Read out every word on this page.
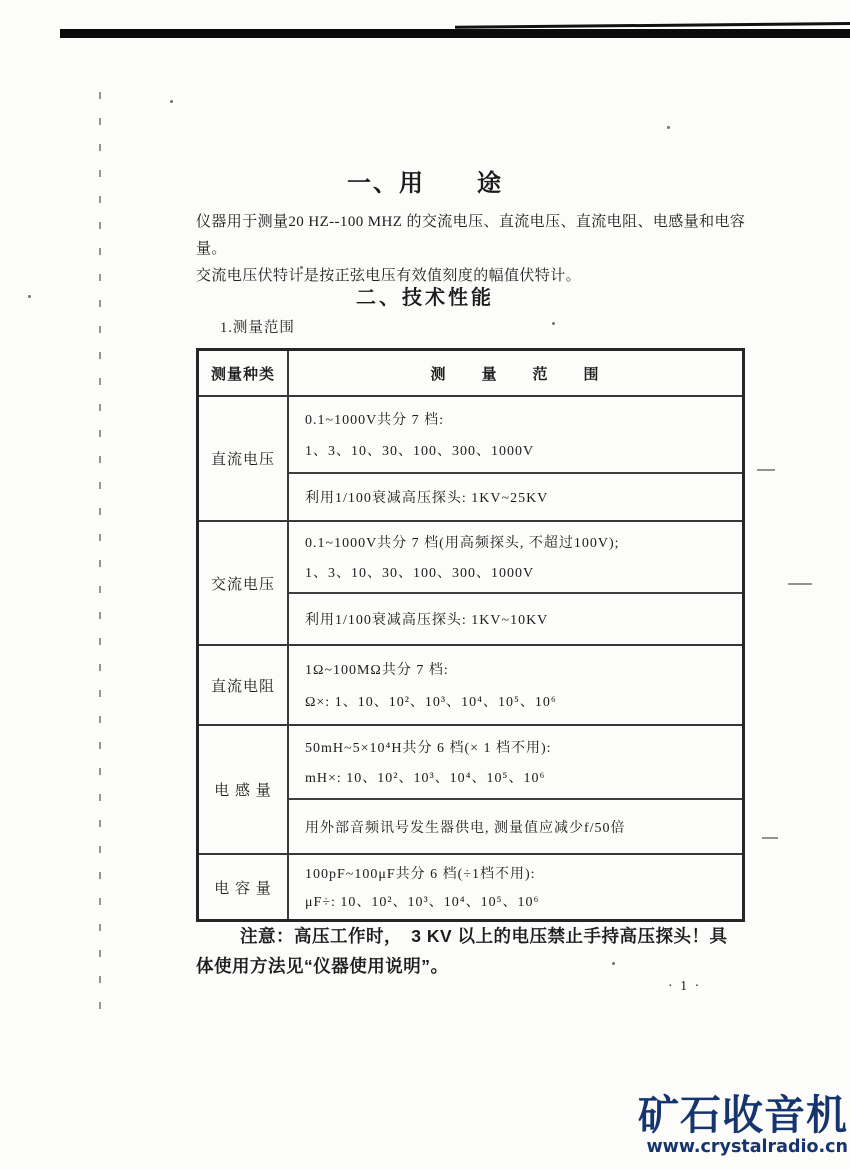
一、用　　途
仪器用于测量20 HZ--100 MHZ 的交流电压、直流电压、直流电阻、电感量和电容量。
交流电压伏特计是按正弦电压有效值刻度的幅值伏特计。
二、技术性能
1.测量范围
测量种类	测　　量　　范　　围
直流电压
0.1~1000V共分 7 档:
1、3、10、30、100、300、1000V
利用1/100衰减高压探头: 1KV~25KV
交流电压
0.1~1000V共分 7 档(用高频探头, 不超过100V);
1、3、10、30、100、300、1000V
利用1/100衰减高压探头: 1KV~10KV
直流电阻
1Ω~100MΩ共分 7 档:
Ω×: 1、10、10²、10³、10⁴、10⁵、10⁶
电 感 量
50mH~5×10⁴H共分 6 档(× 1 档不用):
mH×: 10、10²、10³、10⁴、10⁵、10⁶
用外部音频讯号发生器供电, 测量值应减少f/50倍
电 容 量
100pF~100μF共分 6 档(÷1档不用):
μF÷: 10、10²、10³、10⁴、10⁵、10⁶
注意：高压工作时，　3 KV 以上的电压禁止手持高压探头！具
体使用方法见“仪器使用说明”。
· 1 ·
矿石收音机
www.crystalradio.cn
